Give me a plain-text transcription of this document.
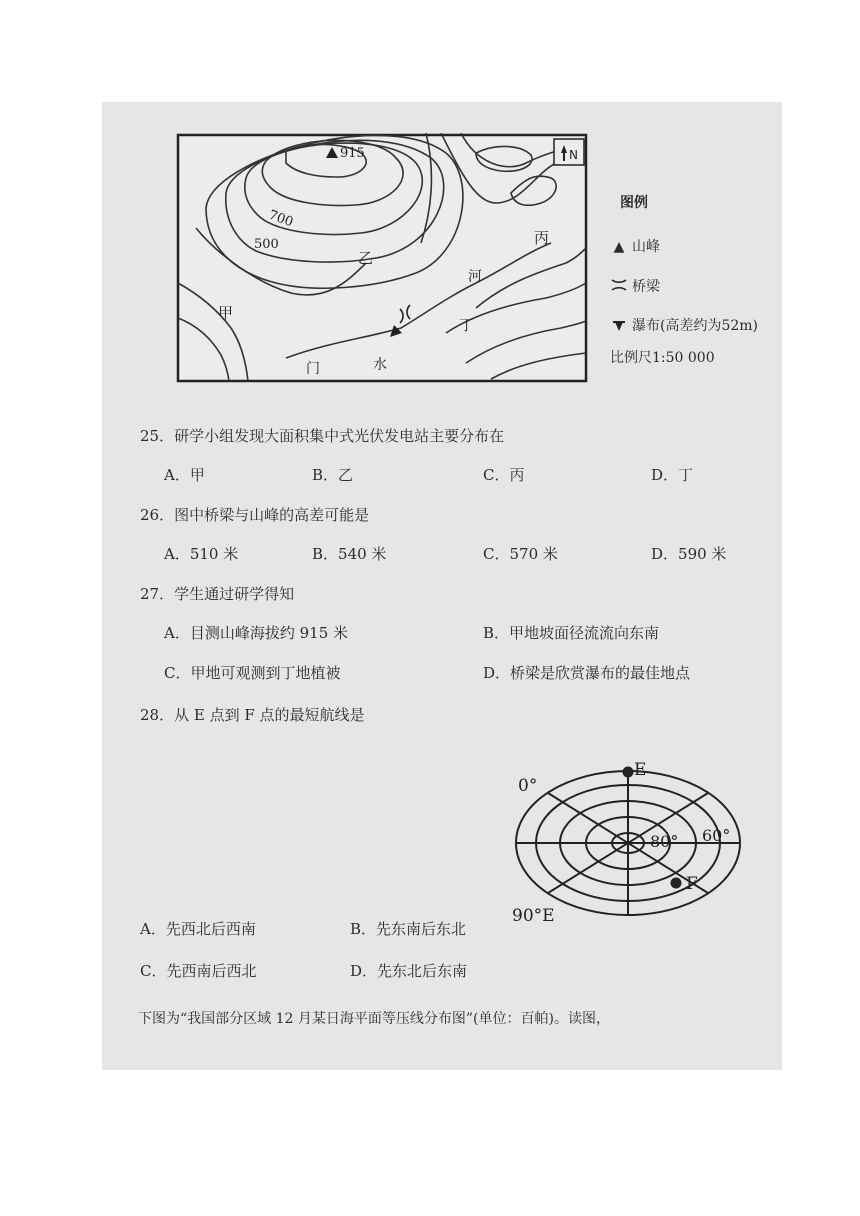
N
915
700
500
甲
乙
丙
丁
河
门	水
图例
▲ 山峰
桥梁
瀑布(高差约为52m)
比例尺1:50 000
25．研学小组发现大面积集中式光伏发电站主要分布在
A．甲	B．乙	C．丙	D．丁
26．图中桥梁与山峰的高差可能是
A．510 米	B．540 米	C．570 米	D．590 米
27．学生通过研学得知
A．目测山峰海拔约 915 米	B．甲地坡面径流流向东南
C．甲地可观测到丁地植被	D．桥梁是欣赏瀑布的最佳地点
28．从 E 点到 F 点的最短航线是
0°
E
80° 60°
F
90°E
A．先西北后西南	B．先东南后东北
C．先西南后西北	D．先东北后东南
下图为“我国部分区域 12 月某日海平面等压线分布图”(单位：百帕)。读图，
